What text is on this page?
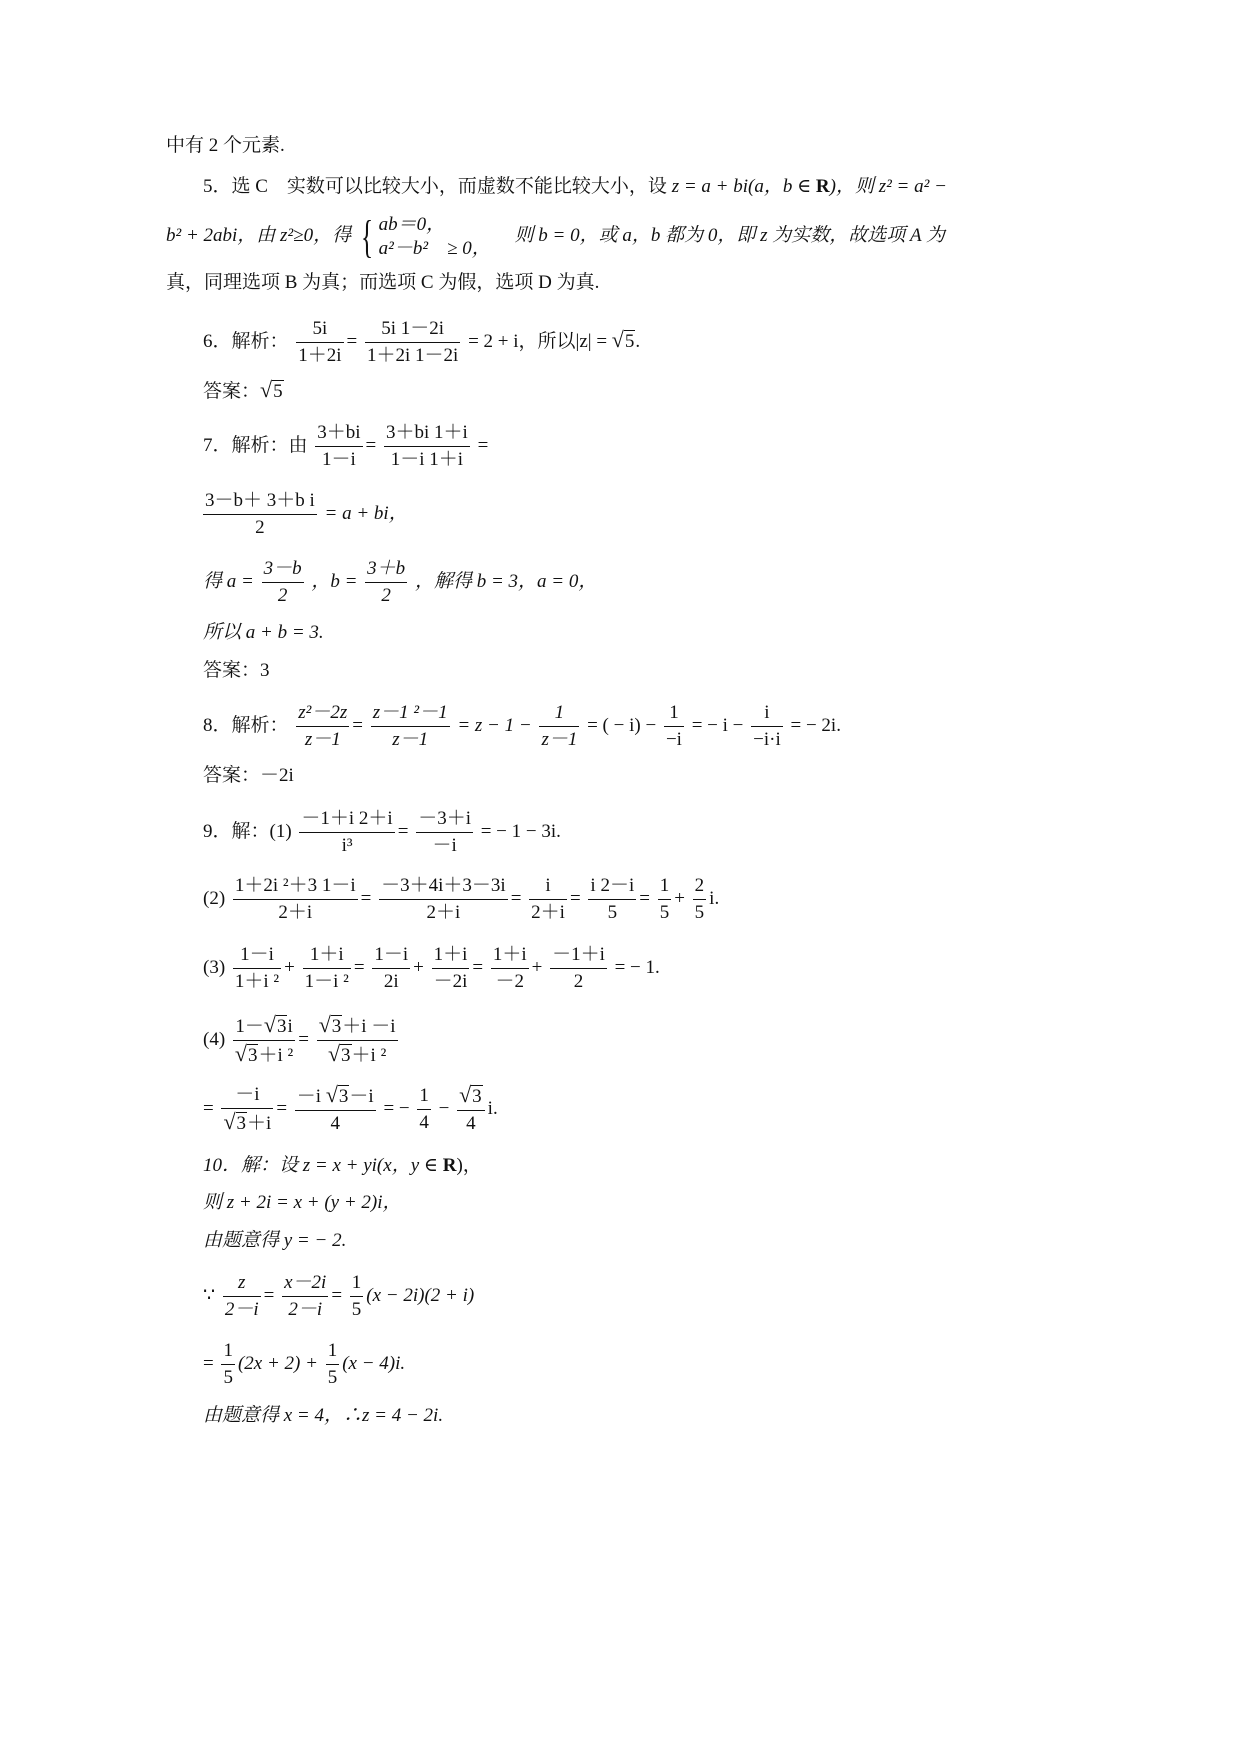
中有 2 个元素.
5．选 C　实数可以比较大小，而虚数不能比较大小，设 z = a + bi(a，b ∈ R)，则 z² = a² −
b² + 2abi，由 z²≥0，得 { ab＝0，
a²－b²　≥ 0，
　则 b = 0，或 a，b 都为 0，即 z 为实数，故选项 A 为
真，同理选项 B 为真；而选项 C 为假，选项 D 为真.
6．解析： $\frac{5i}{1+2i} = \frac{5i 1-2i}{1+2i 1-2i} = 2 + i$，所以|z| = √5.
答案：√5
7．解析：由 $\frac{3+bi}{1-i} = \frac{3+bi 1+i}{1-i 1+i}$ =
$\frac{\text{3－b＋ 3＋b i}}{2} = a$ + bi，
得 $a = \frac{3-b}{2}$ ，$b = \frac{3+b}{2}$ ，解得 b = 3，a = 0，
所以 a + b = 3.
答案：3
8．解析： $\frac{\text{z²－2z}}{z-1} = \frac{\text{z－1 ²－1}}{z-1} = z - 1 - \frac{1}{z-1}$ = ( − $i) - \frac{1}{-i}$ = − $i - \frac{i}{-i\cdot i}$ = − 2i.
答案：－2i
9．解：$(1) \frac{-1+i 2+i}{\text{i³}} = \frac{-3+i}{-i}$ = − 1 − 3i.
$(2) \frac{\text{1＋2i ²＋3 1－i}}{2+i} = \frac{-3+4i+3-3i}{2+i} = \frac{i}{2+i} = \frac{i 2-i}{5} = \frac{1}{5} + \frac{2}{5} i$.
$(3) \frac{1-i}{\text{1＋i ²}} + \frac{1+i}{\text{1－i ²}} = \frac{1-i}{2i} + \frac{1+i}{-2i} = \frac{1+i}{-2} + \frac{-1+i}{2}$ = − 1.
$(4) \frac{1-√3i}{\text{√3＋i ²}} = \frac{√3+i -i}{\text{√3＋i ²}}$
= $\frac{-i}{√3+i} = \frac{-i √3-i}{4}$ = − $\frac{1}{4} - \frac{√3}{4} i$.
10．解：设 z = x + yi(x，y ∈ R)，
则 z + 2i = x + (y + 2)i，
由题意得 y = − 2.
∵ $\frac{z}{2-i} = \frac{x-2i}{2-i} = \frac{1}{5} (x - 2i)(2 + i)$
= $\frac{1}{5} (2x + 2) + \frac{1}{5} (x - 4)i$.
由题意得 x = 4，∴z = 4 − 2i.
